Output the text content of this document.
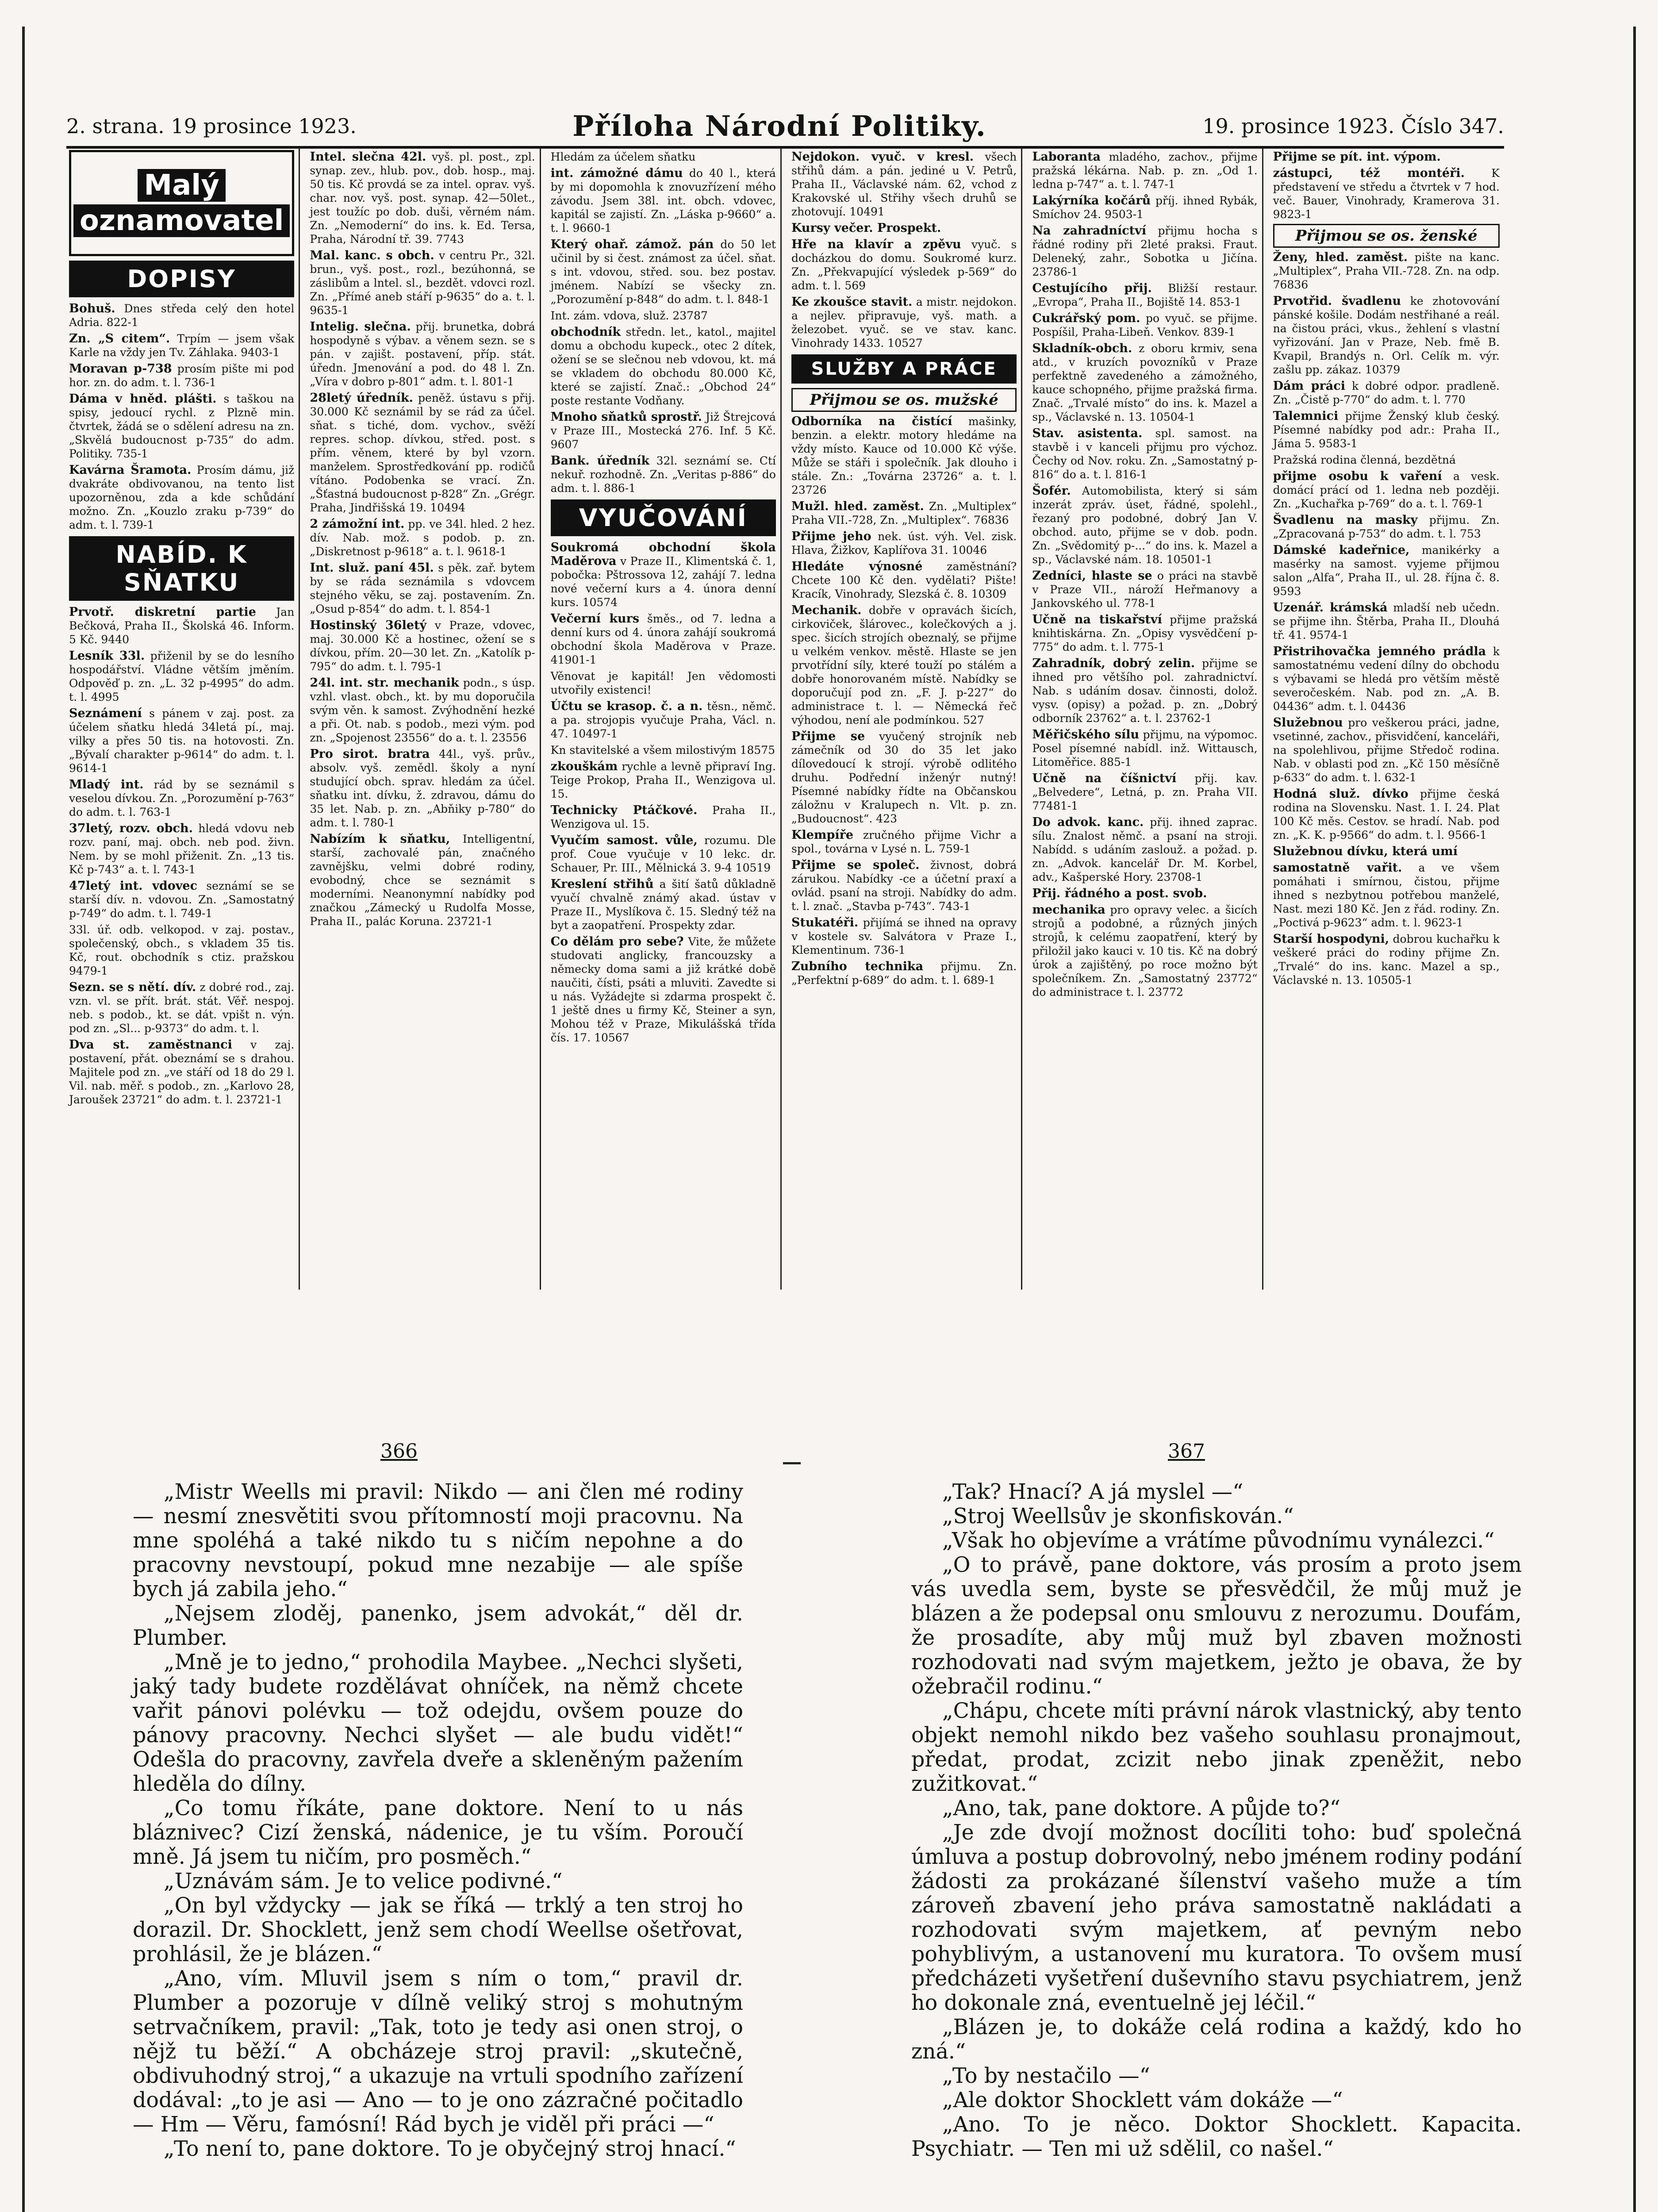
2. strana. 19 prosince 1923.	Příloha Národní Politiky.	19. prosince 1923. Číslo 347.
Malý
oznamovatel
DOPISY

Bohuš. Dnes středa celý den hotel Adria. 822-1

Zn. „S citem“. Trpím — jsem však Karle na vždy jen Tv. Záhlaka. 9403-1

Moravan p-738 prosím pište mi pod hor. zn. do adm. t. l. 736-1

Dáma v hněd. plášti. s taškou na spisy, jedoucí rychl. z Plzně min. čtvrtek, žádá se o sdělení adresu na zn. „Skvělá budoucnost p-735“ do adm. Politiky. 735-1

Kavárna Šramota. Prosím dámu, již dvakráte obdivovanou, na tento list upozorněnou, zda a kde schůdání možno. Zn. „Kouzlo zraku p-739“ do adm. t. l. 739-1

NABÍD. K SŇATKU

Prvotř. diskretní partie Jan Bečková, Praha II., Školská 46. Inform. 5 Kč. 9440

Lesník 33l. přiženil by se do lesního hospodářství. Vládne větším jměním. Odpověď p. zn. „L. 32 p-4995“ do adm. t. l. 4995

Seznámení s pánem v zaj. post. za účelem sňatku hledá 34letá pí., maj. vilky a přes 50 tis. na hotovosti. Zn. „Bývalí charakter p-9614“ do adm. t. l. 9614-1

Mladý int. rád by se seznámil s veselou dívkou. Zn. „Porozumění p-763“ do adm. t. l. 763-1

37letý, rozv. obch. hledá vdovu neb rozv. paní, maj. obch. neb pod. živn. Nem. by se mohl přiženit. Zn. „13 tis. Kč p-743“ a. t. l. 743-1

47letý int. vdovec seznámí se se starší dív. n. vdovou. Zn. „Samostatný p-749“ do adm. t. l. 749-1

33l. úř. odb. velkopod. v zaj. postav., společenský, obch., s vkladem 35 tis. Kč, rout. obchodník s ctiz. pražskou 9479-1

Sezn. se s nětí. dív. z dobré rod., zaj. vzn. vl. se přít. brát. stát. Věř. nespoj. neb. s podob., kt. se dát. vpišt n. výn. pod zn. „Sl... p-9373“ do adm. t. l.

Dva st. zaměstnanci v zaj. postavení, přát. obeznámí se s drahou. Majitele pod zn. „ve stáří od 18 do 29 l. Vil. nab. měř. s podob., zn. „Karlovo 28, Jaroušek 23721“ do adm. t. l. 23721-1

Intel. slečna 42l. vyš. pl. post., zpl. synap. zev., hlub. pov., dob. hosp., maj. 50 tis. Kč provdá se za intel. oprav. vyš. char. nov. vyš. post. synap. 42—50let., jest toužíc po dob. duši, věrném nám. Zn. „Nemoderní“ do ins. k. Ed. Tersa, Praha, Národní tř. 39. 7743

Mal. kanc. s obch. v centru Pr., 32l. brun., vyš. post., rozl., bezúhonná, se záslibům a lntel. sl., bezdět. vdovci rozl. Zn. „Přímé aneb stáří p-9635“ do a. t. l. 9635-1

Intelig. slečna. přij. brunetka, dobrá hospodyně s výbav. a věnem sezn. se s pán. v zajišt. postavení, příp. stát. úředn. Jmenování a pod. do 48 l. Zn. „Víra v dobro p-801“ adm. t. l. 801-1

28letý úředník. peněž. ústavu s přij. 30.000 Kč seznámil by se rád za účel. sňat. s tiché, dom. vychov., svěží repres. schop. dívkou, střed. post. s přím. věnem, které by byl vzorn. manželem. Sprostředkování pp. rodičů vítáno. Podobenka se vrací. Zn. „Šťastná budoucnost p-828“ Zn. „Grégr. Praha, Jindřišská 19. 10494

2 zámožní int. pp. ve 34l. hled. 2 hez. dív. Nab. mož. s podob. p. zn. „Diskretnost p-9618“ a. t. l. 9618-1

Int. služ. paní 45l. s pěk. zař. bytem by se ráda seznámila s vdovcem stejného věku, se zaj. postavením. Zn. „Osud p-854“ do adm. t. l. 854-1

Hostinský 36letý v Praze, vdovec, maj. 30.000 Kč a hostinec, ožení se s dívkou, přím. 20—30 let. Zn. „Katolík p-795“ do adm. t. l. 795-1

24l. int. str. mechanik podn., s úsp. vzhl. vlast. obch., kt. by mu doporučila svým věn. k samost. Zvýhodnění hezké a při. Ot. nab. s podob., mezi vým. pod zn. „Spojenost 23556“ do a. t. l. 23556

Pro sirot. bratra 44l., vyš. prův., absolv. vyš. zemědl. školy a nyní studující obch. sprav. hledám za účel. sňatku int. dívku, ž. zdravou, dámu do 35 let. Nab. p. zn. „Abňiky p-780“ do adm. t. l. 780-1

Nabízím k sňatku, Intelligentní, starší, zachovalé pán, značného zavnějšku, velmi dobré rodiny, evobodný, chce se seznámit s moderními. Neanonymní nabídky pod značkou „Zámecký u Rudolfa Mosse, Praha II., palác Koruna. 23721-1

Hledám za účelem sňatku

int. zámožné dámu do 40 l., která by mi dopomohla k znovuzřízení mého závodu. Jsem 38l. int. obch. vdovec, kapitál se zajistí. Zn. „Láska p-9660“ a. t. l. 9660-1

Který ohař. zámož. pán do 50 let učinil by si čest. známost za účel. sňat. s int. vdovou, střed. sou. bez postav. jménem. Nabízí se všecky zn. „Porozumění p-848“ do adm. t. l. 848-1

Int. zám. vdova, služ. 23787

obchodník středn. let., katol., majitel domu a obchodu kupeck., otec 2 dítek, ožení se se slečnou neb vdovou, kt. má se vkladem do obchodu 80.000 Kč, které se zajistí. Znač.: „Obchod 24“ poste restante Vodňany.

Mnoho sňatků sprostř. Již Štrejcová v Praze III., Mostecká 276. Inf. 5 Kč. 9607

Bank. úředník 32l. seznámí se. Ctí nekuř. rozhodně. Zn. „Veritas p-886“ do adm. t. l. 886-1

VYUČOVÁNÍ

Soukromá obchodní škola Maděrova v Praze II., Klimentská č. 1, pobočka: Pštrossova 12, zahájí 7. ledna nové večerní kurs a 4. února denní kurs. 10574

Večerní kurs šměs., od 7. ledna a denní kurs od 4. února zahájí soukromá obchodní škola Maděrova v Praze. 41901-1

Věnovat je kapitál! Jen vědomosti utvořily existenci!

Účtu se krasop. č. a n. těsn., němč. a pa. strojopis vyučuje Praha, Václ. n. 47. 10497-1

Kn stavitelské a všem milostivým 18575

zkouškám rychle a levně připraví Ing. Teige Prokop, Praha II., Wenzigova ul. 15.

Technicky Ptáčkové. Praha II., Wenzigova ul. 15.

Vyučím samost. vůle, rozumu. Dle prof. Coue vyučuje v 10 lekc. dr. Schauer, Pr. III., Mělnická 3. 9-4 10519

Kreslení střihů a šití šatů důkladně vyučí chvalně známý akad. ústav v Praze II., Myslíkova č. 15. Sledný též na byt a zaopatření. Prospekty zdar.

Co dělám pro sebe? Vite, že můžete studovati anglicky, francouzsky a německy doma sami a již krátké době naučiti, čísti, psáti a mluviti. Zavedte si u nás. Vyžádejte si zdarma prospekt č. 1 ještě dnes u firmy Kč, Steiner a syn, Mohou též v Praze, Mikulášská třída čís. 17. 10567

Nejdokon. vyuč. v kresl. všech střihů dám. a pán. jediné u V. Petrů, Praha II., Václavské nám. 62, vchod z Krakovské ul. Střihy všech druhů se zhotovují. 10491

Kursy večer. Prospekt.

Hře na klavír a zpěvu vyuč. s docházkou do domu. Soukromé kurz. Zn. „Překvapující výsledek p-569“ do adm. t. l. 569

Ke zkoušce stavit. a mistr. nejdokon. a nejlev. připravuje, vyš. math. a železobet. vyuč. se ve stav. kanc. Vinohrady 1433. 10527

SLUŽBY A PRÁCE
Přijmou se os. mužské

Odborníka na čistící mašinky, benzin. a elektr. motory hledáme na vždy místo. Kauce od 10.000 Kč výše. Může se stáři i společník. Jak dlouho i stále. Zn.: „Továrna 23726“ a. t. l. 23726

Mužl. hled. zaměst. Zn. „Multiplex“ Praha VII.-728, Zn. „Multiplex“. 76836

Přijme jeho nek. úst. výh. Vel. zisk. Hlava, Žižkov, Kaplířova 31. 10046

Hledáte výnosné zaměstnání? Chcete 100 Kč den. vydělati? Pište! Kracík, Vinohrady, Slezská č. 8. 10309

Mechanik. dobře v opravách šicích, cirkoviček, šlárovec., kolečkových a j. spec. šicích strojích obeznalý, se přijme u velkém venkov. městě. Hlaste se jen prvotřídní síly, které touží po stálém a dobře honorovaném místě. Nabídky se doporučují pod zn. „F. J. p-227“ do administrace t. l. — Německá řeč výhodou, není ale podmínkou. 527

Přijme se vyučený strojník neb zámečník od 30 do 35 let jako dílovedoucí k strojí. výrobě odlitého druhu. Podřední inženýr nutný! Písemné nabídky řídte na Občanskou záložnu v Kralupech n. Vlt. p. zn. „Budoucnost“. 423

Klempíře zručného přijme Vichr a spol., továrna v Lysé n. L. 759-1

Přijme se společ. živnost, dobrá zárukou. Nabídky -ce a účetní praxí a ovlád. psaní na stroji. Nabídky do adm. t. l. znač. „Stavba p-743“. 743-1

Stukatéři. přijímá se ihned na opravy v kostele sv. Salvátora v Praze I., Klementinum. 736-1

Zubního technika přijmu. Zn. „Perfektní p-689“ do adm. t. l. 689-1

Laboranta mladého, zachov., přijme pražská lékárna. Nab. p. zn. „Od 1. ledna p-747“ a. t. l. 747-1

Lakýrníka kočárů příj. ihned Rybák, Smíchov 24. 9503-1

Na zahradníctví přijmu hocha s řádné rodiny při 2leté praksi. Fraut. Deleneký, zahr., Sobotka u Jičína. 23786-1

Cestujícího přij. Bližší restaur. „Evropa“, Praha II., Bojiště 14. 853-1

Cukrářský pom. po vyuč. se přijme. Pospíšil, Praha-Libeň. Venkov. 839-1

Skladník-obch. z oboru krmiv, sena atd., v kruzích povozníků v Praze perfektně zavedeného a zámožného, kauce schopného, přijme pražská firma. Znač. „Trvalé místo“ do ins. k. Mazel a sp., Václavské n. 13. 10504-1

Stav. asistenta. spl. samost. na stavbě i v kanceli přijmu pro výchoz. Čechy od Nov. roku. Zn. „Samostatný p-816“ do a. t. l. 816-1

Šofér. Automobilista, který si sám inzerát zpráv. úset, řádné, spolehl., řezaný pro podobné, dobrý Jan V. obchod. auto, přijme se v dob. podn. Zn. „Svědomitý p-...“ do ins. k. Mazel a sp., Václavské nám. 18. 10501-1

Zedníci, hlaste se o práci na stavbě v Praze VII., nároží Heřmanovy a Jankovského ul. 778-1

Učně na tiskařství přijme pražská knihtiskárna. Zn. „Opisy vysvědčení p-775“ do adm. t. l. 775-1

Zahradník, dobrý zelin. přijme se ihned pro většího pol. zahradnictví. Nab. s udáním dosav. činnosti, dolož. vysv. (opisy) a požad. p. zn. „Dobrý odborník 23762“ a. t. l. 23762-1

Měřičského sílu přijmu, na výpomoc. Posel písemné nabídl. inž. Wittausch, Litoměřice. 885-1

Učně na číšnictví přij. kav. „Belvedere“, Letná, p. zn. Praha VII. 77481-1

Do advok. kanc. přij. ihned zaprac. sílu. Znalost němč. a psaní na stroji. Nabídd. s udáním zaslouž. a požad. p. zn. „Advok. kancelář Dr. M. Korbel, adv., Kašperské Hory. 23708-1

Přij. řádného a post. svob.

mechanika pro opravy velec. a šicích strojů a podobné, a různých jiných strojů, k celému zaopatření, který by přiložil jako kauci v. 10 tis. Kč na dobrý úrok a zajištěný, po roce možno být společníkem. Zn. „Samostatný 23772“ do administrace t. l. 23772

Přijme se pít. int. výpom.

zástupci, též montéři. K představení ve středu a čtvrtek v 7 hod. več. Bauer, Vinohrady, Kramerova 31. 9823-1

Přijmou se os. ženské

Ženy, hled. zaměst. pište na kanc. „Multiplex“, Praha VII.-728. Zn. na odp. 76836

Prvotřid. švadlenu ke zhotovování pánské košile. Dodám nestřihané a reál. na čistou práci, vkus., žehlení s vlastní vyřizování. Jan v Praze, Neb. fmě B. Kvapil, Brandýs n. Orl. Celík m. výr. zašlu pp. zákaz. 10379

Dám práci k dobré odpor. pradleně. Zn. „Čistě p-770“ do adm. t. l. 770

Talemnici přijme Ženský klub český. Písemné nabídky pod adr.: Praha II., Jámа 5. 9583-1

Pražská rodina členná, bezdětná

přijme osobu k vaření a vesk. domácí prácí od 1. ledna neb později. Zn. „Kuchařka p-769“ do a. t. l. 769-1

Švadlenu na masky přijmu. Zn. „Zpracovaná p-753“ do adm. t. l. 753

Dámské kadeřnice, manikérky a masérky na samost. vyjeme přijmou salon „Alfa“, Praha II., ul. 28. října č. 8. 9593

Uzenář. krámská mladší neb učedn. se přijme ihn. Štěrba, Praha II., Dlouhá tř. 41. 9574-1

Přistrihovačka jemného prádla k samostatnému vedení dílny do obchodu s výbavami se hledá pro větším městě severočeském. Nab. pod zn. „A. B. 04436“ adm. t. l. 04436

Služebnou pro veškerou práci, jadne, vsetinné, zachov., přisvidčení, kanceláři, na spolehlivou, přijme Středoč rodina. Nab. v oblasti pod zn. „Kč 150 měsíčně p-633“ do adm. t. l. 632-1

Hodná služ. dívko přijme česká rodina na Slovensku. Nast. 1. I. 24. Plat 100 Kč měs. Cestov. se hradí. Nab. pod zn. „K. K. p-9566“ do adm. t. l. 9566-1

Služebnou dívku, která umí

samostatně vařit. a ve všem pomáhati i smírnou, čistou, přijme ihned s nezbytnou potřebou manželé, Nast. mezi 180 Kč. Jen z řád. rodiny. Zn. „Poctivá p-9623“ adm. t. l. 9623-1

Starší hospodyni, dobrou kuchařku k veškeré práci do rodiny přijme Zn. „Trvalé“ do ins. kanc. Mazel a sp., Václavské n. 13. 10505-1

366	367

„Mistr Weells mi pravil: Nikdo — ani člen mé rodiny — nesmí znesvětiti svou přítomností moji pracovnu. Na mne spoléhá a také nikdo tu s ničím nepohne a do pracovny nevstoupí, pokud mne nezabije — ale spíše bych já zabila jeho.“

„Nejsem zloděj, panenko, jsem advokát,“ děl dr. Plumber.

„Mně je to jedno,“ prohodila Maybee. „Nechci slyšeti, jaký tady budete rozdělávat ohníček, na němž chcete vařit pánovi polévku — tož odejdu, ovšem pouze do pánovy pracovny. Nechci slyšet — ale budu vidět!“ Odešla do pracovny, zavřela dveře a skleněným pažením hleděla do dílny.

„Co tomu říkáte, pane doktore. Není to u nás bláznivec? Cizí ženská, nádenice, je tu vším. Poroučí mně. Já jsem tu ničím, pro posměch.“

„Uznávám sám. Je to velice podivné.“

„On byl vždycky — jak se říká — trklý a ten stroj ho dorazil. Dr. Shocklett, jenž sem chodí Weellse ošetřovat, prohlásil, že je blázen.“

„Ano, vím. Mluvil jsem s ním o tom,“ pravil dr. Plumber a pozoruje v dílně veliký stroj s mohutným setrvačníkem, pravil: „Tak, toto je tedy asi onen stroj, o nějž tu běží.“ A obcházeje stroj pravil: „skutečně, obdivuhodný stroj,“ a ukazuje na vrtuli spodního zařízení dodával: „to je asi — Ano — to je ono zázračné počitadlo — Hm — Věru, famósní! Rád bych je viděl při práci —“

„To není to, pane doktore. To je obyčejný stroj hnací.“

„Tak? Hnací? A já myslel —“

„Stroj Weellsův je skonfiskován.“

„Však ho objevíme a vrátíme původnímu vynálezci.“

„O to právě, pane doktore, vás prosím a proto jsem vás uvedla sem, byste se přesvědčil, že můj muž je blázen a že podepsal onu smlouvu z nerozumu. Doufám, že prosadíte, aby můj muž byl zbaven možnosti rozhodovati nad svým majetkem, ježto je obava, že by ožebračil rodinu.“

„Chápu, chcete míti právní nárok vlastnický, aby tento objekt nemohl nikdo bez vašeho souhlasu pronajmout, předat, prodat, zcizit nebo jinak zpeněžit, nebo zužitkovat.“

„Ano, tak, pane doktore. A půjde to?“

„Je zde dvojí možnost docíliti toho: buď společná úmluva a postup dobrovolný, nebo jménem rodiny podání žádosti za prokázané šílenství vašeho muže a tím zároveň zbavení jeho práva samostatně nakládati a rozhodovati svým majetkem, ať pevným nebo pohyblivým, a ustanovení mu kuratora. To ovšem musí předcházeti vyšetření duševního stavu psychiatrem, jenž ho dokonale zná, eventuelně jej léčil.“

„Blázen je, to dokáže celá rodina a každý, kdo ho zná.“

„To by nestačilo —“

„Ale doktor Shocklett vám dokáže —“

„Ano. To je něco. Doktor Shocklett. Kapacita. Psychiatr. — Ten mi už sdělil, co našel.“
